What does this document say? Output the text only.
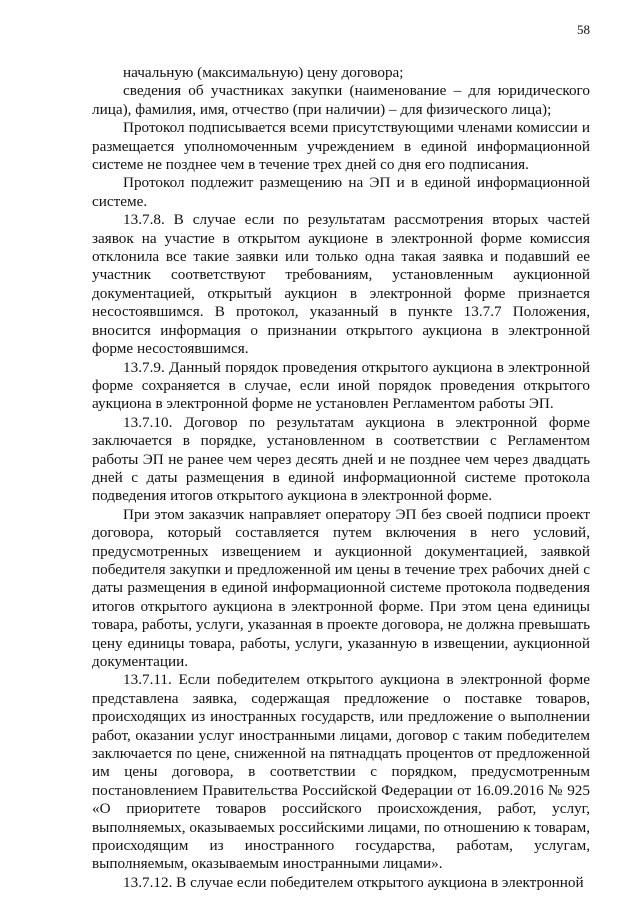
58

начальную (максимальную) цену договора;

сведения об участниках закупки (наименование – для юридического лица), фамилия, имя, отчество (при наличии) – для физического лица);

Протокол подписывается всеми присутствующими членами комиссии и размещается уполномоченным учреждением в единой информационной системе не позднее чем в течение трех дней со дня его подписания.

Протокол подлежит размещению на ЭП и в единой информационной системе.

13.7.8. В случае если по результатам рассмотрения вторых частей заявок на участие в открытом аукционе в электронной форме комиссия отклонила все такие заявки или только одна такая заявка и подавший ее участник соответствуют требованиям, установленным аукционной документацией, открытый аукцион в электронной форме признается несостоявшимся. В протокол, указанный в пункте 13.7.7 Положения, вносится информация о признании открытого аукциона в электронной форме несостоявшимся.

13.7.9. Данный порядок проведения открытого аукциона в электронной форме сохраняется в случае, если иной порядок проведения открытого аукциона в электронной форме не установлен Регламентом работы ЭП.

13.7.10. Договор по результатам аукциона в электронной форме заключается в порядке, установленном в соответствии с Регламентом работы ЭП не ранее чем через десять дней и не позднее чем через двадцать дней с даты размещения в единой информационной системе протокола подведения итогов открытого аукциона в электронной форме.

При этом заказчик направляет оператору ЭП без своей подписи проект договора, который составляется путем включения в него условий, предусмотренных извещением и аукционной документацией, заявкой победителя закупки и предложенной им цены в течение трех рабочих дней с даты размещения в единой информационной системе протокола подведения итогов открытого аукциона в электронной форме. При этом цена единицы товара, работы, услуги, указанная в проекте договора, не должна превышать цену единицы товара, работы, услуги, указанную в извещении, аукционной документации.

13.7.11. Если победителем открытого аукциона в электронной форме представлена заявка, содержащая предложение о поставке товаров, происходящих из иностранных государств, или предложение о выполнении работ, оказании услуг иностранными лицами, договор с таким победителем заключается по цене, сниженной на пятнадцать процентов от предложенной им цены договора, в соответствии с порядком, предусмотренным постановлением Правительства Российской Федерации от 16.09.2016 № 925 «О приоритете товаров российского происхождения, работ, услуг, выполняемых, оказываемых российскими лицами, по отношению к товарам, происходящим из иностранного государства, работам, услугам, выполняемым, оказываемым иностранными лицами».

13.7.12. В случае если победителем открытого аукциона в электронной
